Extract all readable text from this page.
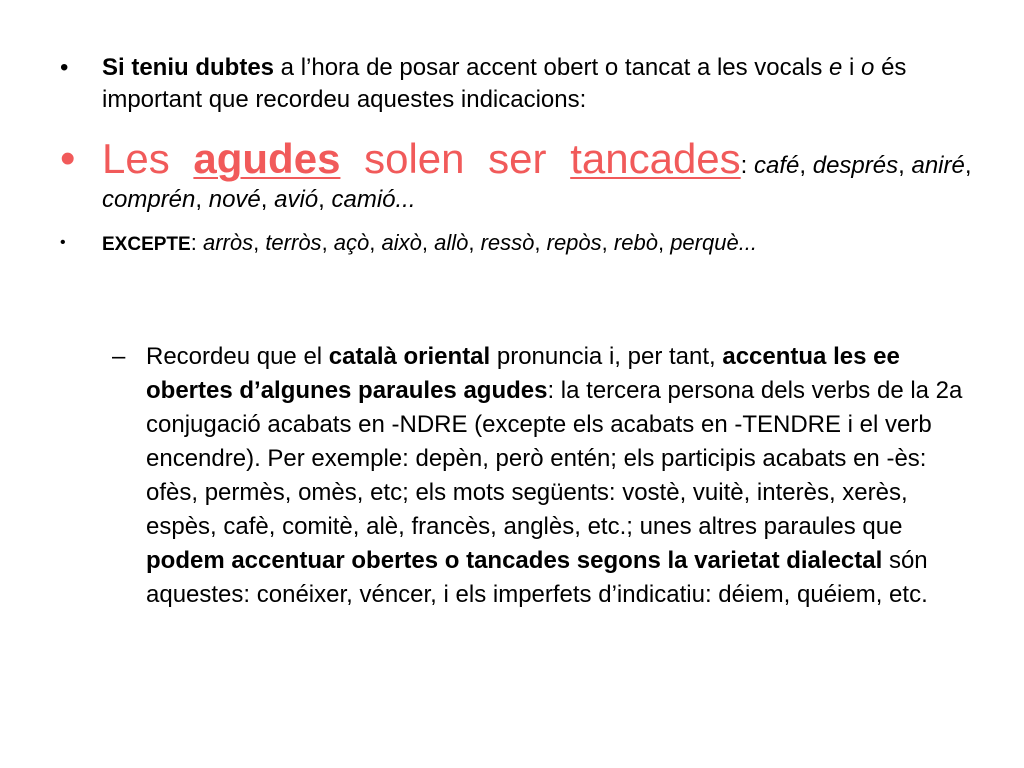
• Si teniu dubtes a l’hora de posar accent obert o tancat a les vocals e i o és important que recordeu aquestes indicacions:
• Les agudes solen ser tancades: café, després, aniré, comprén, nové, avió, camió...
• EXCEPTE: arròs, terròs, açò, això, allò, ressò, repòs, rebò, perquè...
– Recordeu que el català oriental pronuncia i, per tant, accentua les ee obertes d’algunes paraules agudes: la tercera persona dels verbs de la 2a conjugació acabats en -NDRE (excepte els acabats en -TENDRE i el verb encendre). Per exemple: depèn, però entén; els participis acabats en -ès: ofès, permès, omès, etc; els mots següents: vostè, vuitè, interès, xerès, espès, cafè, comitè, alè, francès, anglès, etc.; unes altres paraules que podem accentuar obertes o tancades segons la varietat dialectal són aquestes: conéixer, véncer, i els imperfets d’indicatiu: déiem, quéiem, etc.
